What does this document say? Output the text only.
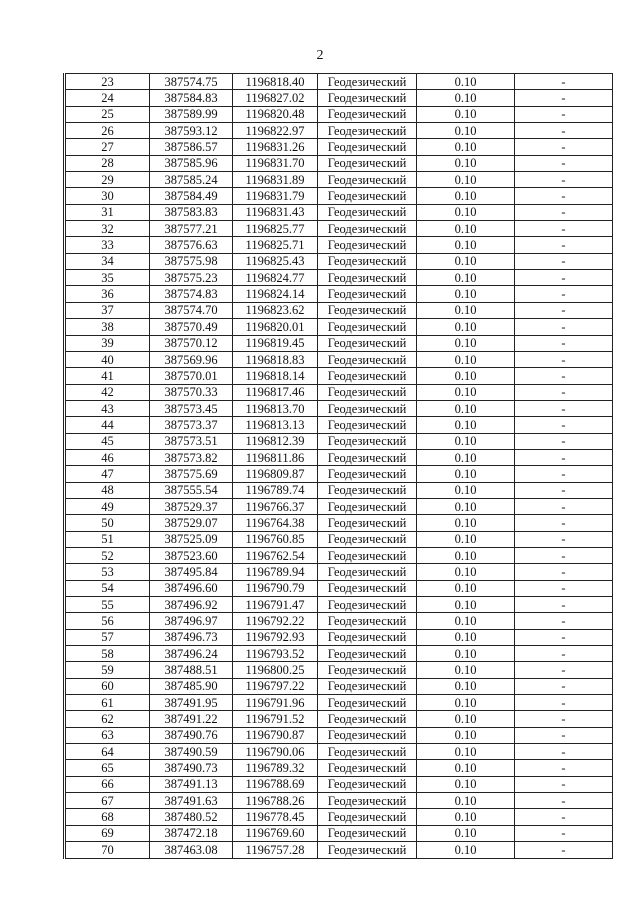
2
23	387574.75	1196818.40	Геодезический	0.10	-
24	387584.83	1196827.02	Геодезический	0.10	-
25	387589.99	1196820.48	Геодезический	0.10	-
26	387593.12	1196822.97	Геодезический	0.10	-
27	387586.57	1196831.26	Геодезический	0.10	-
28	387585.96	1196831.70	Геодезический	0.10	-
29	387585.24	1196831.89	Геодезический	0.10	-
30	387584.49	1196831.79	Геодезический	0.10	-
31	387583.83	1196831.43	Геодезический	0.10	-
32	387577.21	1196825.77	Геодезический	0.10	-
33	387576.63	1196825.71	Геодезический	0.10	-
34	387575.98	1196825.43	Геодезический	0.10	-
35	387575.23	1196824.77	Геодезический	0.10	-
36	387574.83	1196824.14	Геодезический	0.10	-
37	387574.70	1196823.62	Геодезический	0.10	-
38	387570.49	1196820.01	Геодезический	0.10	-
39	387570.12	1196819.45	Геодезический	0.10	-
40	387569.96	1196818.83	Геодезический	0.10	-
41	387570.01	1196818.14	Геодезический	0.10	-
42	387570.33	1196817.46	Геодезический	0.10	-
43	387573.45	1196813.70	Геодезический	0.10	-
44	387573.37	1196813.13	Геодезический	0.10	-
45	387573.51	1196812.39	Геодезический	0.10	-
46	387573.82	1196811.86	Геодезический	0.10	-
47	387575.69	1196809.87	Геодезический	0.10	-
48	387555.54	1196789.74	Геодезический	0.10	-
49	387529.37	1196766.37	Геодезический	0.10	-
50	387529.07	1196764.38	Геодезический	0.10	-
51	387525.09	1196760.85	Геодезический	0.10	-
52	387523.60	1196762.54	Геодезический	0.10	-
53	387495.84	1196789.94	Геодезический	0.10	-
54	387496.60	1196790.79	Геодезический	0.10	-
55	387496.92	1196791.47	Геодезический	0.10	-
56	387496.97	1196792.22	Геодезический	0.10	-
57	387496.73	1196792.93	Геодезический	0.10	-
58	387496.24	1196793.52	Геодезический	0.10	-
59	387488.51	1196800.25	Геодезический	0.10	-
60	387485.90	1196797.22	Геодезический	0.10	-
61	387491.95	1196791.96	Геодезический	0.10	-
62	387491.22	1196791.52	Геодезический	0.10	-
63	387490.76	1196790.87	Геодезический	0.10	-
64	387490.59	1196790.06	Геодезический	0.10	-
65	387490.73	1196789.32	Геодезический	0.10	-
66	387491.13	1196788.69	Геодезический	0.10	-
67	387491.63	1196788.26	Геодезический	0.10	-
68	387480.52	1196778.45	Геодезический	0.10	-
69	387472.18	1196769.60	Геодезический	0.10	-
70	387463.08	1196757.28	Геодезический	0.10	-
